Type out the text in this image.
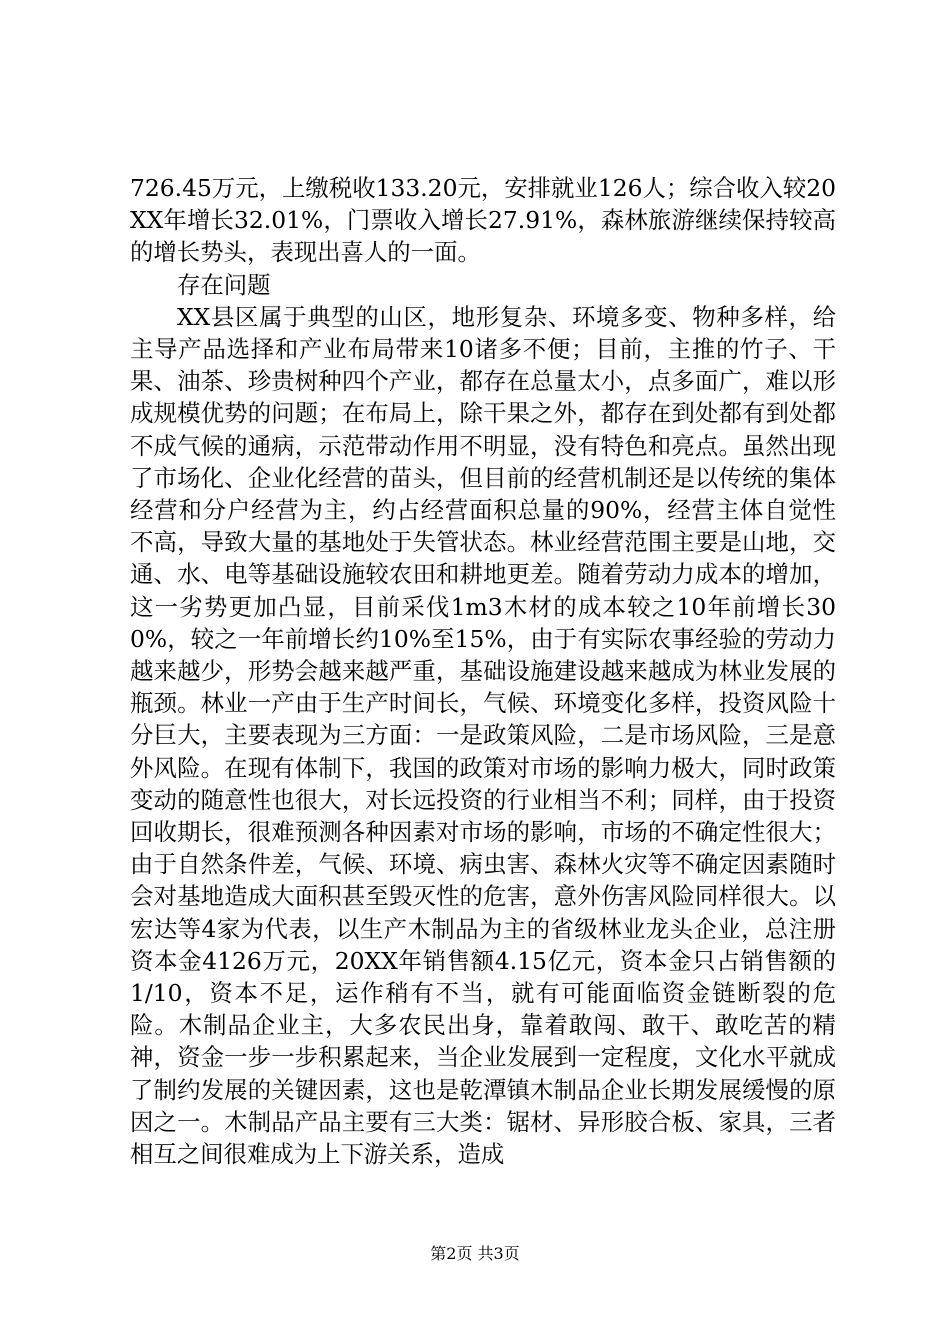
726.45万元，上缴税收133.20元，安排就业126人；综合收入较20XX年增长32.01%，门票收入增长27.91%，森林旅游继续保持较高的增长势头，表现出喜人的一面。

存在问题

XX县区属于典型的山区，地形复杂、环境多变、物种多样，给主导产品选择和产业布局带来10诸多不便；目前，主推的竹子、干果、油茶、珍贵树种四个产业，都存在总量太小，点多面广，难以形成规模优势的问题；在布局上，除干果之外，都存在到处都有到处都不成气候的通病，示范带动作用不明显，没有特色和亮点。虽然出现了市场化、企业化经营的苗头，但目前的经营机制还是以传统的集体经营和分户经营为主，约占经营面积总量的90%，经营主体自觉性不高，导致大量的基地处于失管状态。林业经营范围主要是山地，交通、水、电等基础设施较农田和耕地更差。随着劳动力成本的增加，这一劣势更加凸显，目前采伐1m3木材的成本较之10年前增长300%，较之一年前增长约10%至15%，由于有实际农事经验的劳动力越来越少，形势会越来越严重，基础设施建设越来越成为林业发展的瓶颈。林业一产由于生产时间长，气候、环境变化多样，投资风险十分巨大，主要表现为三方面：一是政策风险，二是市场风险，三是意外风险。在现有体制下，我国的政策对市场的影响力极大，同时政策变动的随意性也很大，对长远投资的行业相当不利；同样，由于投资回收期长，很难预测各种因素对市场的影响，市场的不确定性很大；由于自然条件差，气候、环境、病虫害、森林火灾等不确定因素随时会对基地造成大面积甚至毁灭性的危害，意外伤害风险同样很大。以宏达等4家为代表，以生产木制品为主的省级林业龙头企业，总注册资本金4126万元，20XX年销售额4.15亿元，资本金只占销售额的1/10，资本不足，运作稍有不当，就有可能面临资金链断裂的危险。木制品企业主，大多农民出身，靠着敢闯、敢干、敢吃苦的精神，资金一步一步积累起来，当企业发展到一定程度，文化水平就成了制约发展的关键因素，这也是乾潭镇木制品企业长期发展缓慢的原因之一。木制品产品主要有三大类：锯材、异形胶合板、家具，三者相互之间很难成为上下游关系，造成

第2页 共3页
